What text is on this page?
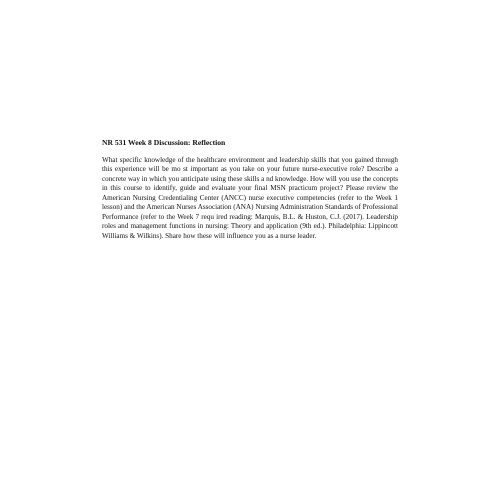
NR 531 Week 8 Discussion: Reflection

What specific knowledge of the healthcare environment and leadership skills that you gained through this experience will be mo st important as you take on your future nurse-executive role? Describe a concrete way in which you anticipate using these skills a nd knowledge. How will you use the concepts in this course to identify, guide and evaluate your final MSN practicum project? Please review the American Nursing Credentialing Center (ANCC) nurse executive competencies (refer to the Week 1 lesson) and the American Nurses Association (ANA) Nursing Administration Standards of Professional Performance (refer to the Week 7 requ ired reading: Marquis, B.L. & Huston, C.J. (2017). Leadership roles and management functions in nursing: Theory and application (9th ed.). Philadelphia: Lippincott Williams & Wilkins). Share how these will influence you as a nurse leader.
